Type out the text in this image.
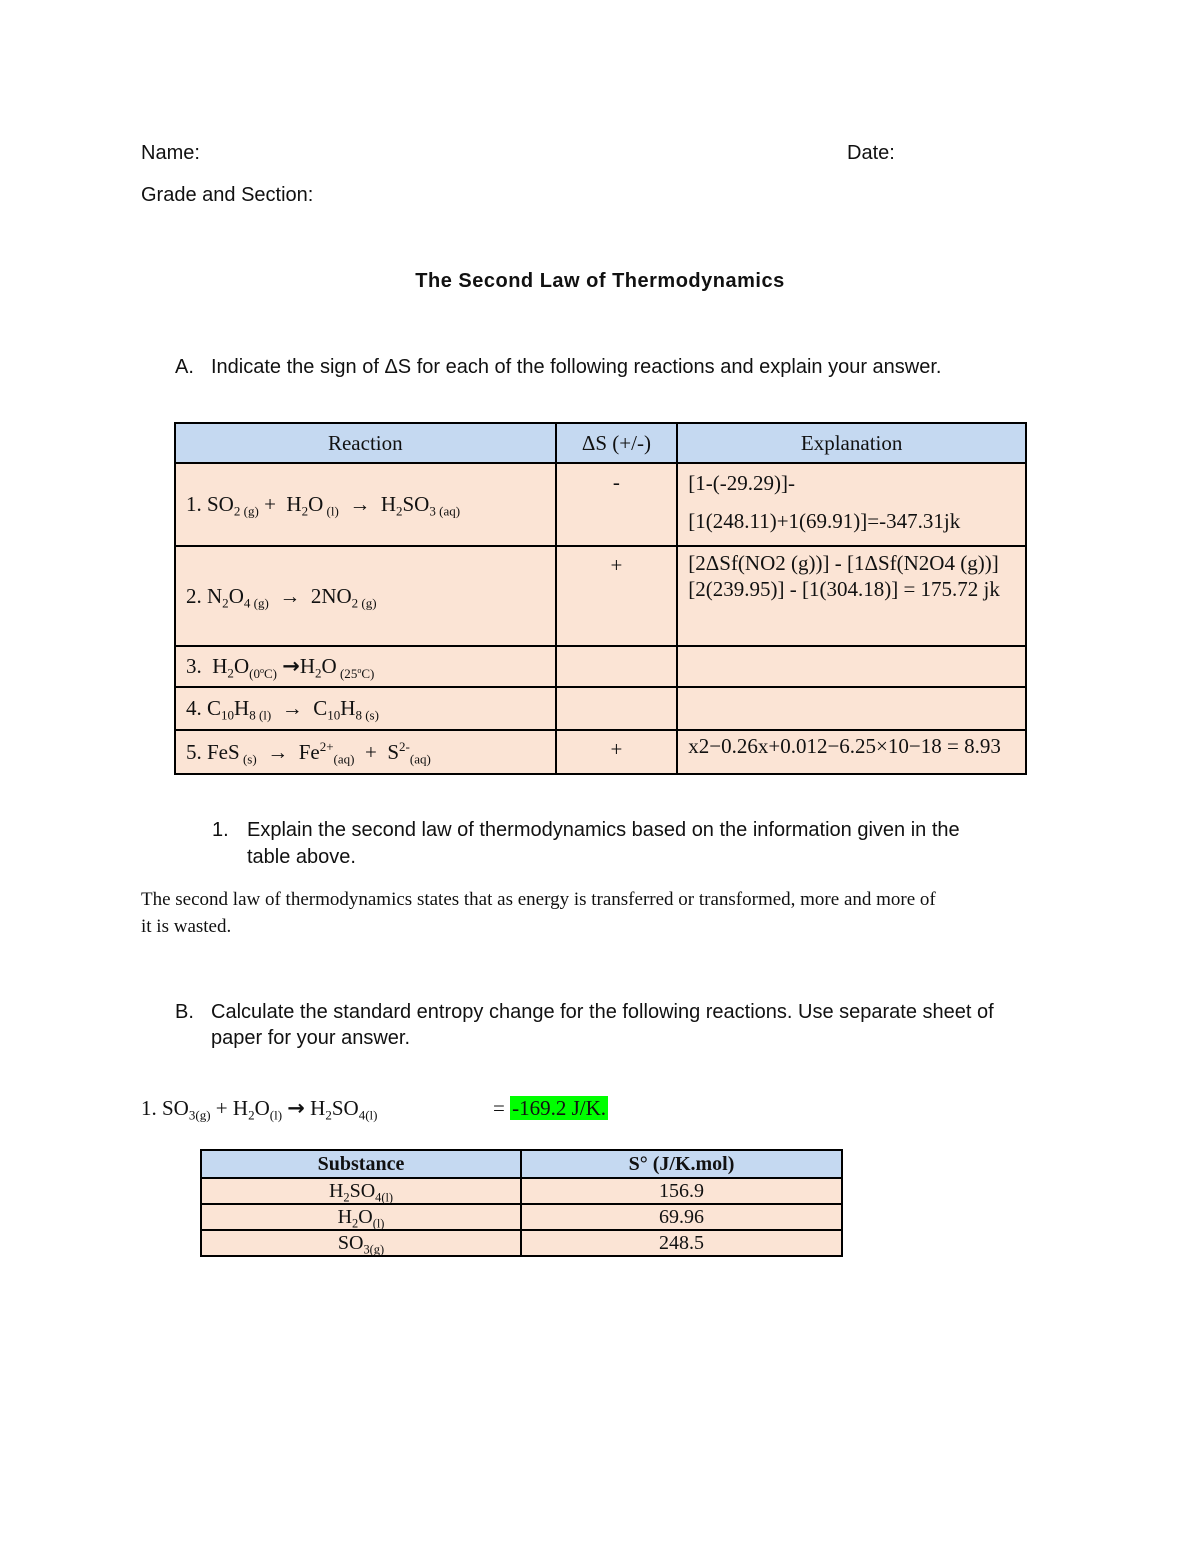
Name:	Date:
Grade and Section:
The Second Law of Thermodynamics
A. Indicate the sign of ΔS for each of the following reactions and explain your answer.
Reaction	ΔS (+/-)	Explanation
1. $SO_{2 (g)} + H_2O$ $_{(l)} \to H_2SO_{3 (aq)}$	-	[1-(-29.29)]-
[1(248.11)+1(69.91)]=-347.31jk

2. $N_2O_{4 (g)} \to 2NO_{2 (g)}$	+	[2ΔSf(NO2 (g))] - [1ΔSf(N2O4 (g))]
[2(239.95)] - [1(304.18)] = 175.72 jk

3.  $H_2O_{(0^oC)} \to H_2O$ $_{(25^oC)}$		
4. $C_{10}H_{8 (l)} \to C_{10}H_{8 (s)}$		
5. FeS $_{(s)} \to Fe^{2+}_{(aq)} + S^{2-}_{(aq)}$	+	x2−0.26x+0.012−6.25×10−18 = 8.93
1. Explain the second law of thermodynamics based on the information given in the
table above.
The second law of thermodynamics states that as energy is transferred or transformed, more and more of
it is wasted.
B. Calculate the standard entropy change for the following reactions. Use separate sheet of
paper for your answer.
1. $SO_{3(g)} + H_2O_{(l)} \to H_2SO_{4(l)}$	= -169.2 J/K.
Substance	S° (J/K.mol)
$H_2SO_{4(l)}$	156.9
$H_2O_{(l)}$	69.96
$SO_{3(g)}$	248.5
